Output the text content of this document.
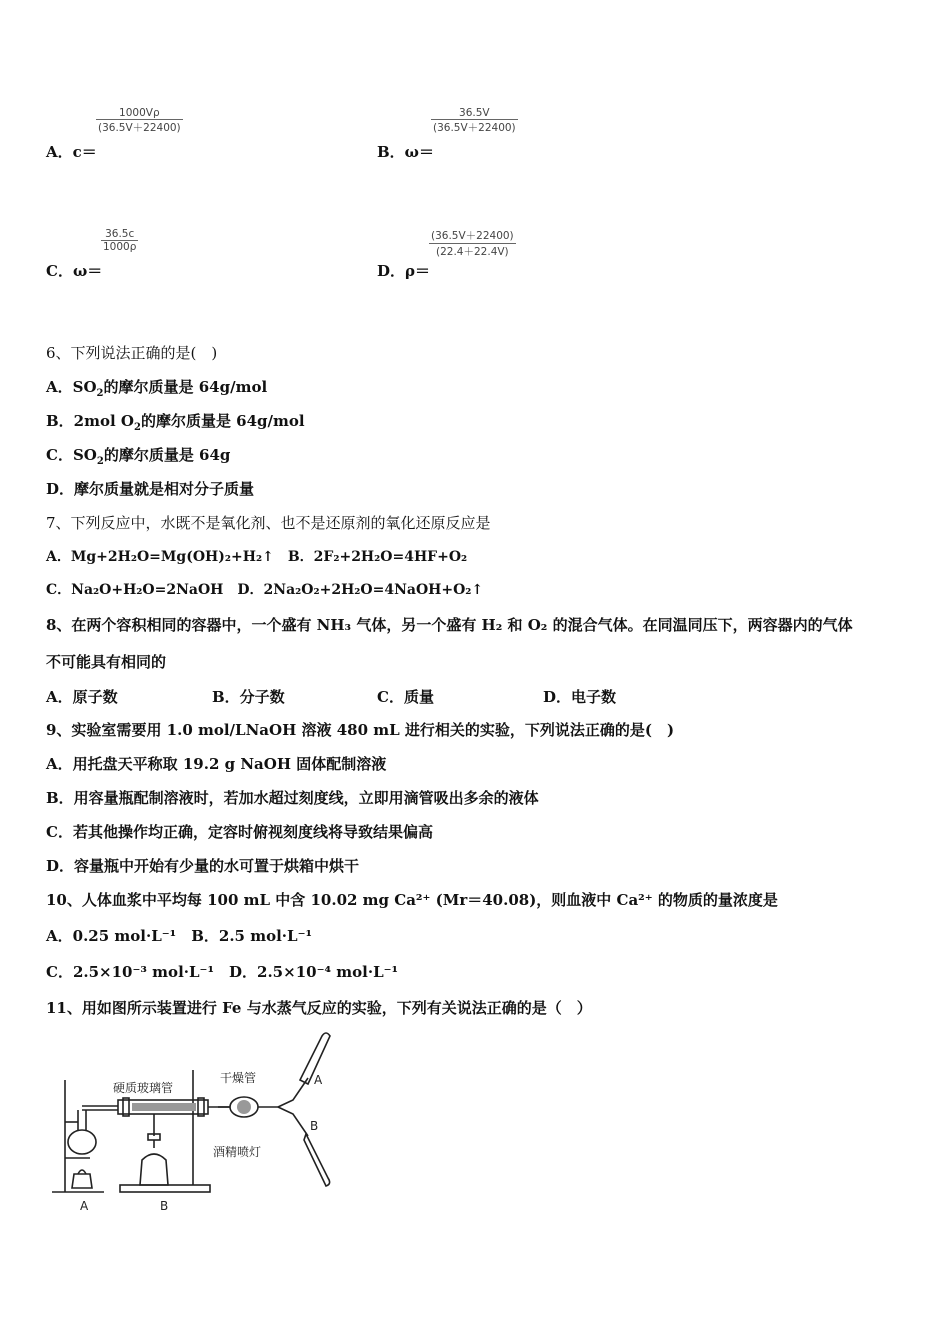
A．c＝
$\frac{1000V\rho}{(36.5V+22400)}$
B．ω＝
$\frac{36.5V}{(36.5V+22400)}$
C．ω＝
$\frac{36.5c}{1000\rho}$
D．ρ＝
$\frac{(36.5V+22400)}{(22.4+22.4V)}$
6、下列说法正确的是(　)
A．$SO_2$的摩尔质量是 64g/mol
B．2mol $O_2$的摩尔质量是 64g/mol
C．$SO_2$的摩尔质量是 64g
D．摩尔质量就是相对分子质量
7、下列反应中，水既不是氧化剂、也不是还原剂的氧化还原反应是
A．Mg+2H₂O=Mg(OH)₂+H₂↑　B．2F₂+2H₂O=4HF+O₂
C．Na₂O+H₂O=2NaOH　D．2Na₂O₂+2H₂O=4NaOH+O₂↑
8、在两个容积相同的容器中，一个盛有 NH₃ 气体，另一个盛有 H₂ 和 O₂ 的混合气体。在同温同压下，两容器内的气体
不可能具有相同的
A．原子数	B．分子数	C．质量	D．电子数
9、实验室需要用 1.0 mol/LNaOH 溶液 480 mL 进行相关的实验，下列说法正确的是(　)
A．用托盘天平称取 19.2 g NaOH 固体配制溶液
B．用容量瓶配制溶液时，若加水超过刻度线，立即用滴管吸出多余的液体
C．若其他操作均正确，定容时俯视刻度线将导致结果偏高
D．容量瓶中开始有少量的水可置于烘箱中烘干
10、人体血浆中平均每 100 mL 中含 10.02 mg Ca²⁺ (Mr＝40.08)，则血液中 Ca²⁺ 的物质的量浓度是
A．0.25 mol·L⁻¹　B．2.5 mol·L⁻¹
C．2.5×10⁻³ mol·L⁻¹　D．2.5×10⁻⁴ mol·L⁻¹
11、用如图所示装置进行 Fe 与水蒸气反应的实验，下列有关说法正确的是（　）
硬质玻璃管
干燥管
酒精喷灯
A
B
A	B
